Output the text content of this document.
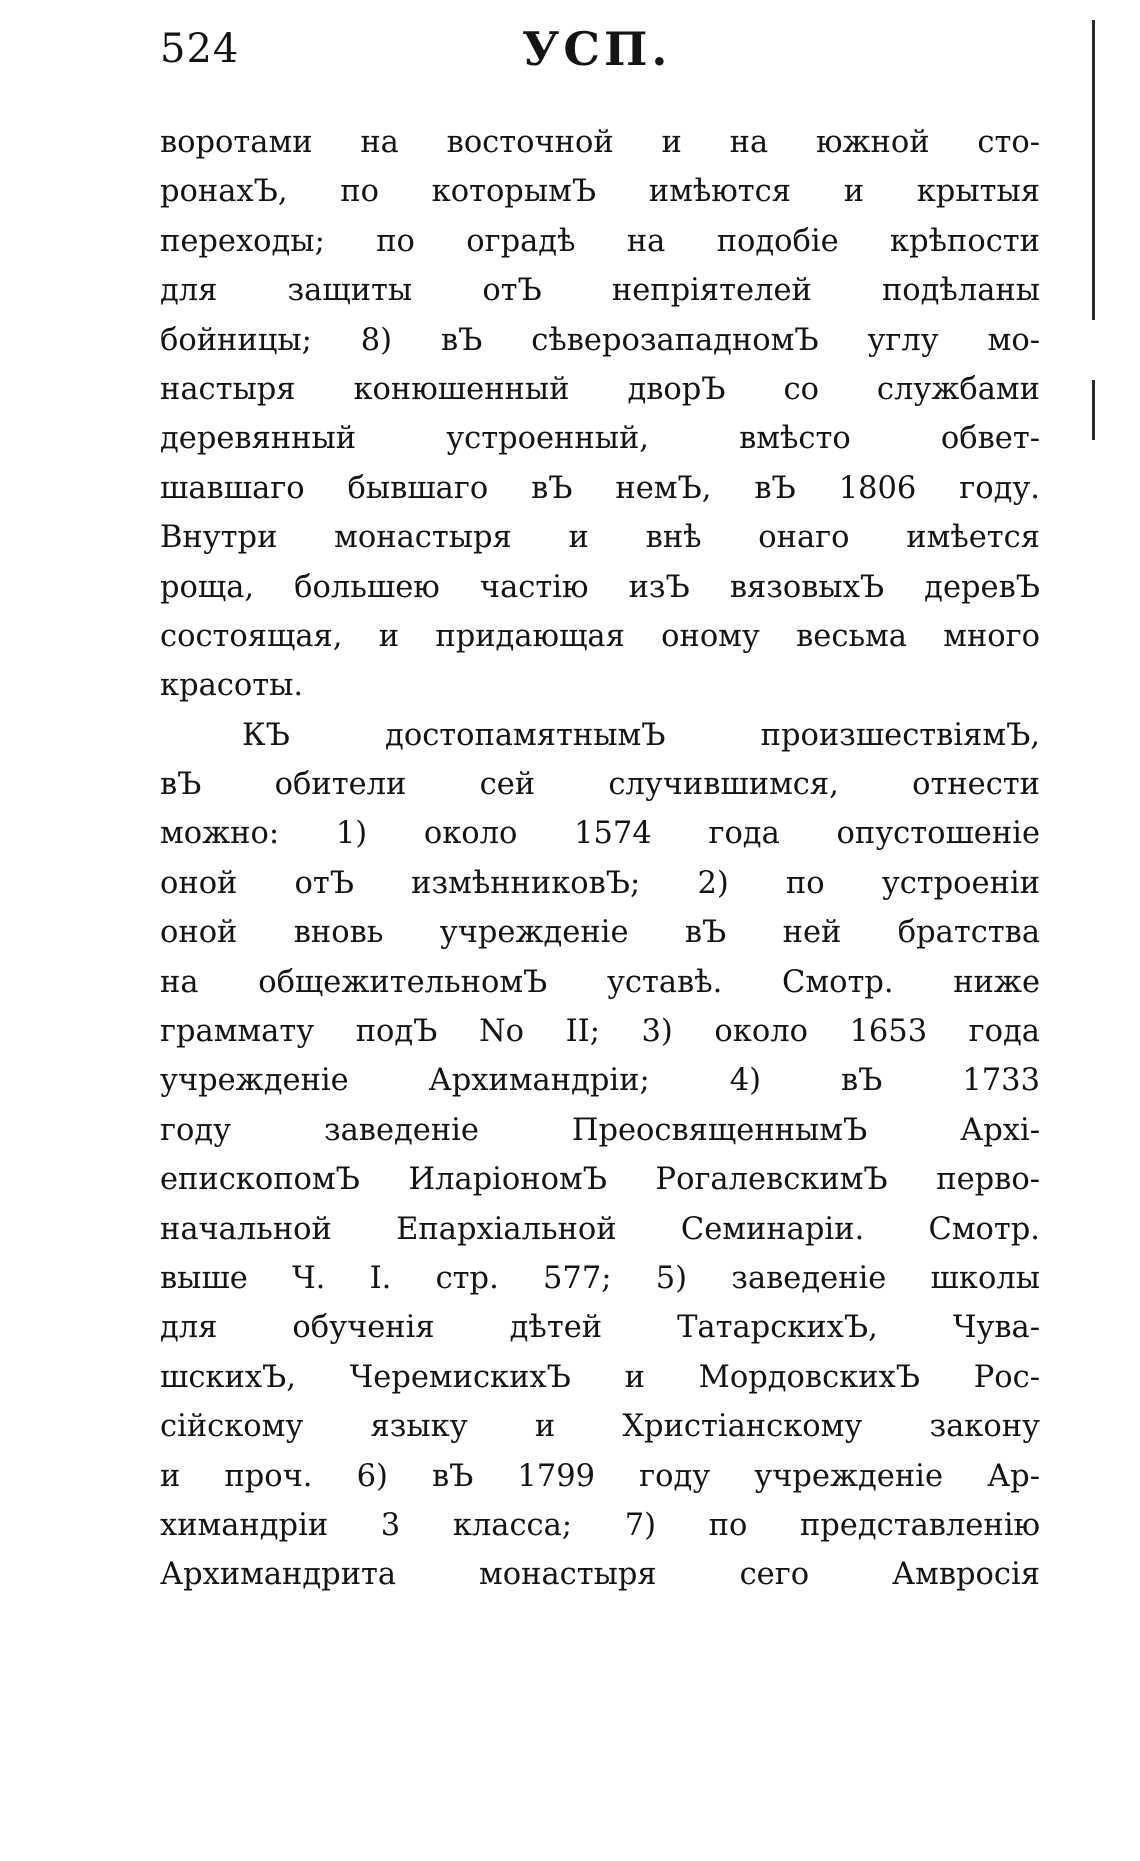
524	УСП.
воротами на восточной и на южной сто-
ронахЪ, по которымЪ имѣются и крытыя
переходы; по оградѣ на подобіе крѣпости
для защиты отЪ непріятелей подѣланы
бойницы; 8) вЪ сѣверозападномЪ углу мо-
настыря конюшенный дворЪ со службами
деревянный устроенный, вмѣсто обвет-
шавшаго бывшаго вЪ немЪ, вЪ 1806 году.
Внутри монастыря и внѣ онаго имѣется
роща, большею частію изЪ вязовыхЪ деревЪ
состоящая, и придающая оному весьма много
красоты.
КЪ достопамятнымЪ произшествіямЪ,
вЪ обители сей случившимся, отнести
можно: 1) около 1574 года опустошеніе
оной отЪ измѣнниковЪ; 2) по устроеніи
оной вновь учрежденіе вЪ ней братства
на общежительномЪ уставѣ. Смотр. ниже
граммату подЪ No II; 3) около 1653 года
учрежденіе Архимандріи; 4) вЪ 1733
году заведеніе ПреосвященнымЪ Архі-
епископомЪ ИларіономЪ РогалевскимЪ перво-
начальной Епархіальной Семинаріи. Смотр.
выше Ч. I. стр. 577; 5) заведеніе школы
для обученія дѣтей ТатарскихЪ, Чува-
шскихЪ, ЧеремискихЪ и МордовскихЪ Рос-
сійскому языку и Христіанскому закону
и проч. 6) вЪ 1799 году учрежденіе Ар-
химандріи 3 класса; 7) по представленію
Архимандрита монастыря сего Амвросія
